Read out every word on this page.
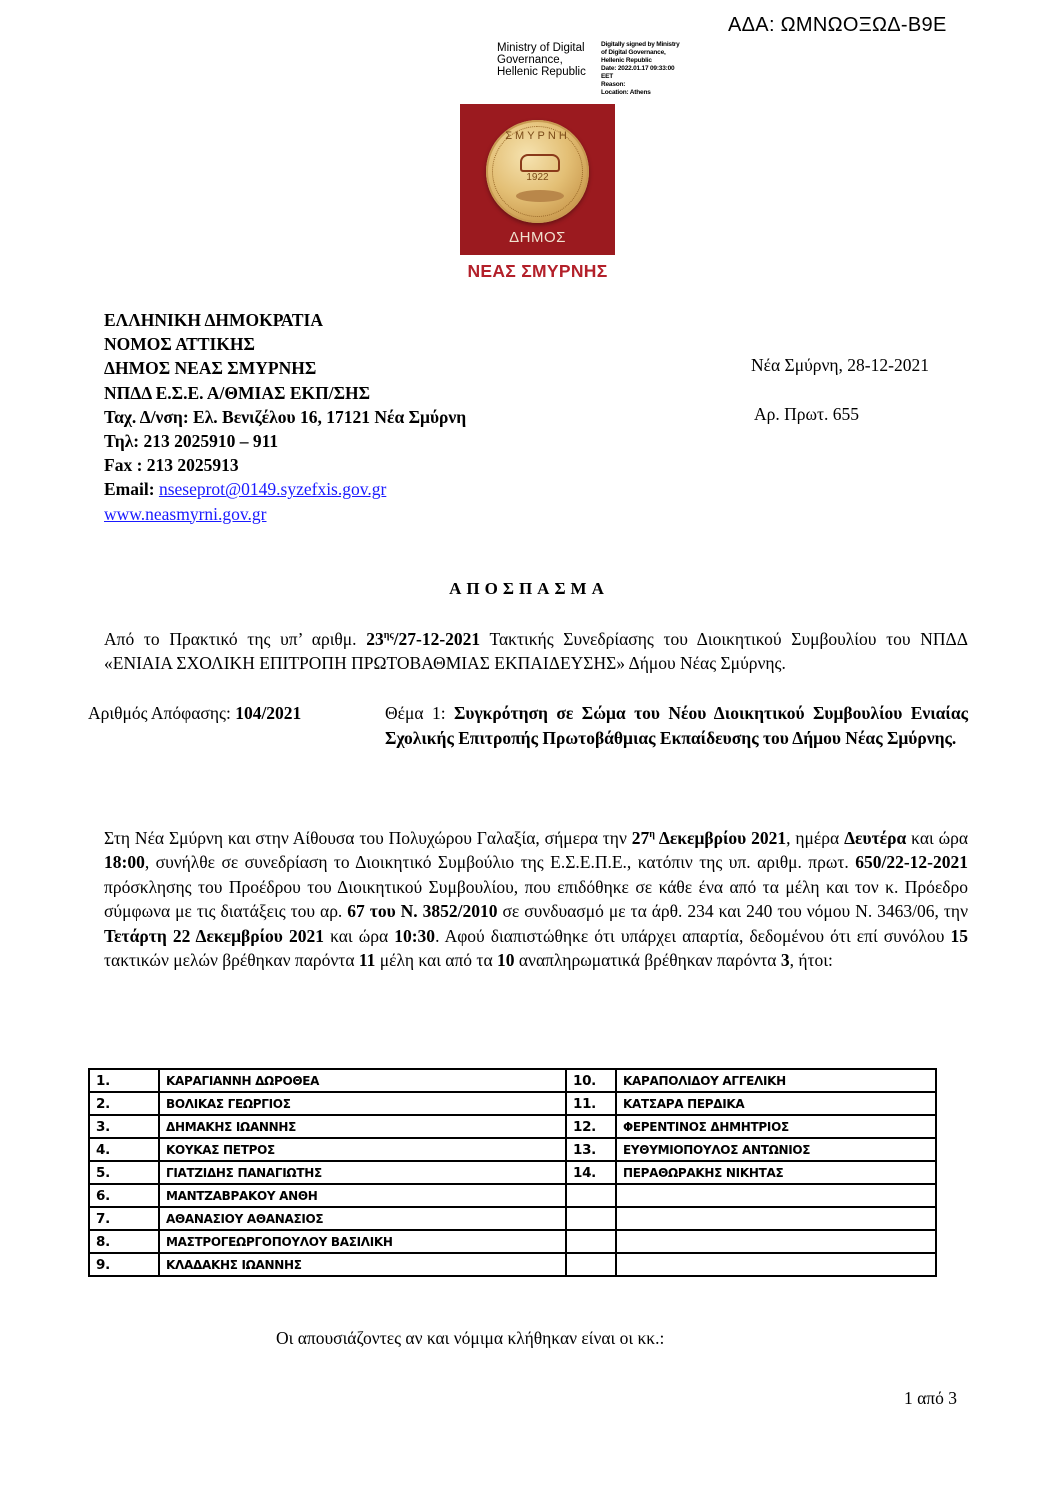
ΑΔΑ: ΩΜΝΩΟΞΩΔ-Β9Ε
Ministry of Digital
Governance,
Hellenic Republic
Digitally signed by Ministry
of Digital Governance,
Hellenic Republic
Date: 2022.01.17 09:33:00
EET
Reason:
Location: Athens
ΣΜΥΡΝΗ
1922
ΔΗΜΟΣ
ΝΕΑΣ ΣΜΥΡΝΗΣ
ΕΛΛΗΝΙΚΗ ΔΗΜΟΚΡΑΤΙΑ
ΝΟΜΟΣ ΑΤΤΙΚΗΣ
ΔΗΜΟΣ ΝΕΑΣ ΣΜΥΡΝΗΣ
ΝΠΔΔ Ε.Σ.Ε. Α/ΘΜΙΑΣ ΕΚΠ/ΣΗΣ
Ταχ. Δ/νση: Ελ. Βενιζέλου 16, 17121 Νέα Σμύρνη
Τηλ: 213 2025910 – 911
Fax : 213 2025913
Email: nseseprot@0149.syzefxis.gov.gr
www.neasmyrni.gov.gr
Νέα Σμύρνη, 28-12-2021
Αρ. Πρωτ. 655
ΑΠΟΣΠΑΣΜΑ
Από το Πρακτικό της υπ’ αριθμ. $23^{\eta\varsigma}/27-12-2021$ Τακτικής Συνεδρίασης του Διοικητικού Συμβουλίου του ΝΠΔΔ «ΕΝΙΑΙΑ ΣΧΟΛΙΚΗ ΕΠΙΤΡΟΠΗ ΠΡΩΤΟΒΑΘΜΙΑΣ ΕΚΠΑΙΔΕΥΣΗΣ» Δήμου Νέας Σμύρνης.
Αριθμός Απόφασης: 104/2021	Θέμα 1: Συγκρότηση σε Σώμα του Νέου Διοικητικού Συμβουλίου Ενιαίας Σχολικής Επιτροπής Πρωτοβάθμιας Εκπαίδευσης του Δήμου Νέας Σμύρνης.
Στη Νέα Σμύρνη και στην Αίθουσα του Πολυχώρου Γαλαξία, σήμερα την $27^\eta$ Δεκεμβρίου 2021, ημέρα Δευτέρα και ώρα 18:00, συνήλθε σε συνεδρίαση το Διοικητικό Συμβούλιο της Ε.Σ.Ε.Π.Ε., κατόπιν της υπ. αριθμ. πρωτ. 650/22-12-2021 πρόσκλησης του Προέδρου του Διοικητικού Συμβουλίου, που επιδόθηκε σε κάθε ένα από τα μέλη και τον κ. Πρόεδρο σύμφωνα με τις διατάξεις του αρ. 67 του Ν. 3852/2010 σε συνδυασμό με τα άρθ. 234 και 240 του νόμου Ν. 3463/06, την Τετάρτη 22 Δεκεμβρίου 2021 και ώρα 10:30. Αφού διαπιστώθηκε ότι υπάρχει απαρτία, δεδομένου ότι επί συνόλου 15 τακτικών μελών βρέθηκαν παρόντα 11 μέλη και από τα 10 αναπληρωματικά βρέθηκαν παρόντα 3, ήτοι:
1.	ΚΑΡΑΓΙΑΝΝΗ ΔΩΡΟΘΕΑ	10.	ΚΑΡΑΠΟΛΙΔΟΥ ΑΓΓΕΛΙΚΗ
2.	ΒΟΛΙΚΑΣ ΓΕΩΡΓΙΟΣ	11.	ΚΑΤΣΑΡΑ ΠΕΡΔΙΚΑ
3.	ΔΗΜΑΚΗΣ ΙΩΑΝΝΗΣ	12.	ΦΕΡΕΝΤΙΝΟΣ ΔΗΜΗΤΡΙΟΣ
4.	ΚΟΥΚΑΣ ΠΕΤΡΟΣ	13.	ΕΥΘΥΜΙΟΠΟΥΛΟΣ ΑΝΤΩΝΙΟΣ
5.	ΓΙΑΤΖΙΔΗΣ ΠΑΝΑΓΙΩΤΗΣ	14.	ΠΕΡΑΘΩΡΑΚΗΣ ΝΙΚΗΤΑΣ
6.	ΜΑΝΤΖΑΒΡΑΚΟΥ ΑΝΘΗ		
7.	ΑΘΑΝΑΣΙΟΥ ΑΘΑΝΑΣΙΟΣ		
8.	ΜΑΣΤΡΟΓΕΩΡΓΟΠΟΥΛΟΥ ΒΑΣΙΛΙΚΗ		
9.	ΚΛΑΔΑΚΗΣ ΙΩΑΝΝΗΣ		
Οι απουσιάζοντες αν και νόμιμα κλήθηκαν είναι οι κκ.:
1 από 3
